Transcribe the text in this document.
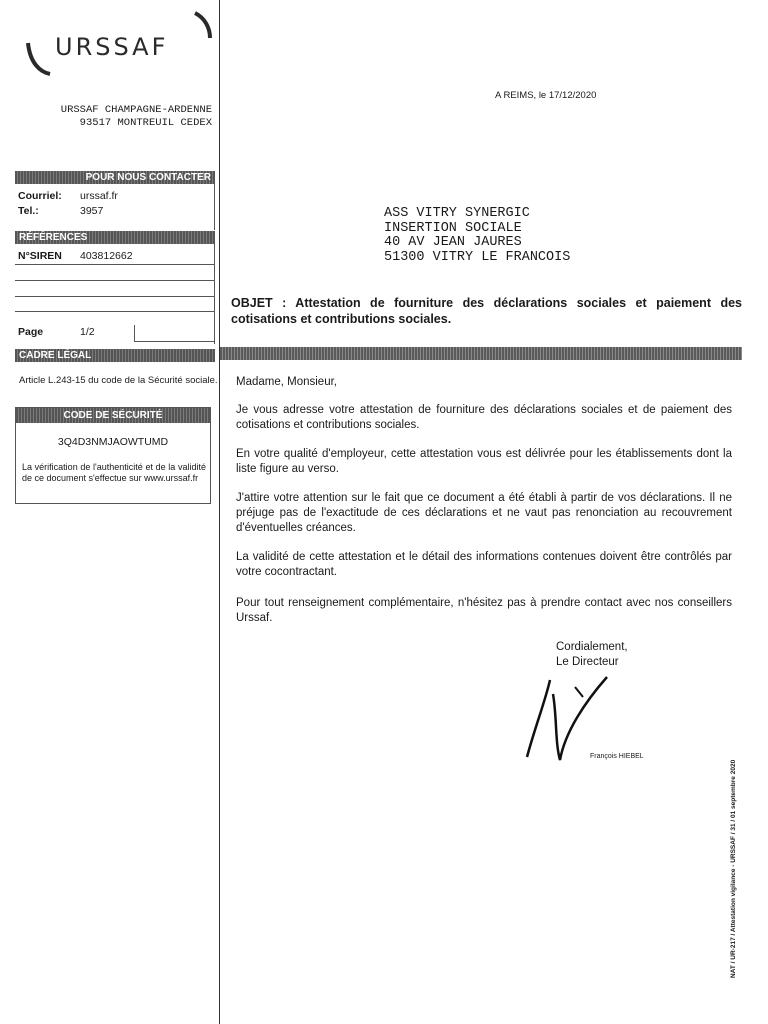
URSSAF
URSSAF CHAMPAGNE-ARDENNE
93517 MONTREUIL CEDEX
POUR NOUS CONTACTER
Courriel: urssaf.fr
Tel.:	3957
RÉFÉRENCES
N°SIREN 403812662
Page	1/2
CADRE LÉGAL
Article L.243-15 du code de la Sécurité sociale.
CODE DE SÉCURITÉ
3Q4D3NMJAOWTUMD
La vérification de l'authenticité et de la validité de ce document s'effectue sur www.urssaf.fr
A REIMS, le 17/12/2020
ASS VITRY SYNERGIC
INSERTION SOCIALE
40 AV JEAN JAURES
51300 VITRY LE FRANCOIS
OBJET : Attestation de fourniture des déclarations sociales et paiement des cotisations et contributions sociales.

Madame, Monsieur,

Je vous adresse votre attestation de fourniture des déclarations sociales et de paiement des cotisations et contributions sociales.

En votre qualité d'employeur, cette attestation vous est délivrée pour les établissements dont la liste figure au verso.

J'attire votre attention sur le fait que ce document a été établi à partir de vos déclarations. Il ne préjuge pas de l'exactitude de ces déclarations et ne vaut pas renonciation au recouvrement d'éventuelles créances.

La validité de cette attestation et le détail des informations contenues doivent être contrôlés par votre cocontractant.

Pour tout renseignement complémentaire, n'hésitez pas à prendre contact avec nos conseillers Urssaf.

Cordialement,
Le Directeur
François HIEBEL
NAT / UR-217 / Attestation vigilance - URSSAF / 31 / 01 septembre 2020
